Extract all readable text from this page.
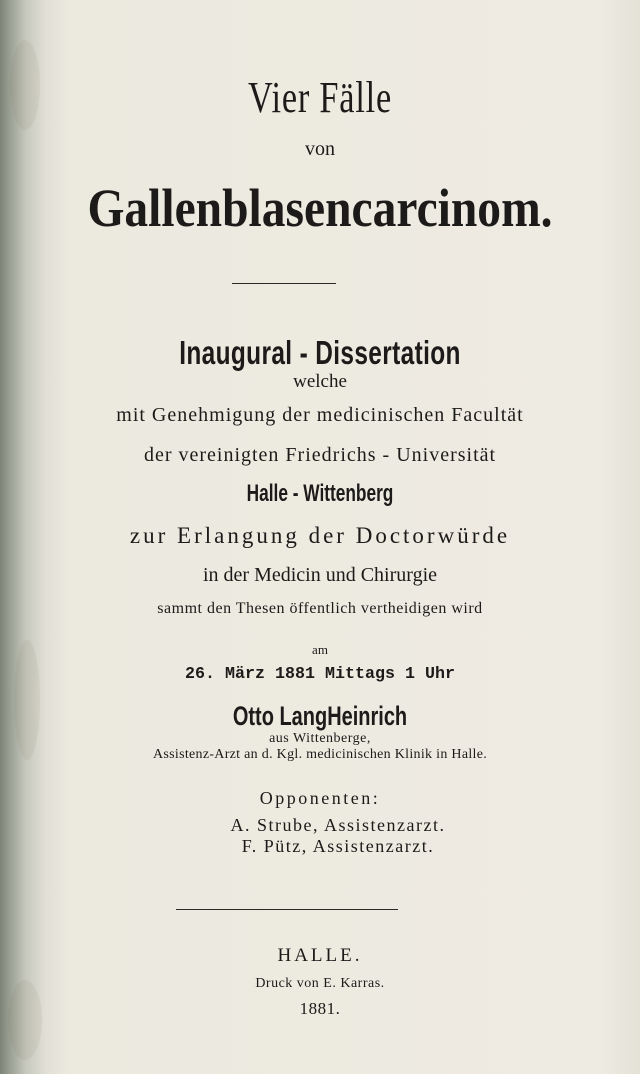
Vier Fälle
von
Gallenblasencarcinom.
Inaugural - Dissertation
welche
mit Genehmigung der medicinischen Facultät
der vereinigten Friedrichs - Universität
Halle - Wittenberg
zur Erlangung der Doctorwürde
in der Medicin und Chirurgie
sammt den Thesen öffentlich vertheidigen wird
am
26. März 1881 Mittags 1 Uhr
Otto LangHeinrich
aus Wittenberge,
Assistenz-Arzt an d. Kgl. medicinischen Klinik in Halle.
Opponenten:
A. Strube, Assistenzarzt.
F. Pütz, Assistenzarzt.
HALLE.
Druck von E. Karras.
1881.
